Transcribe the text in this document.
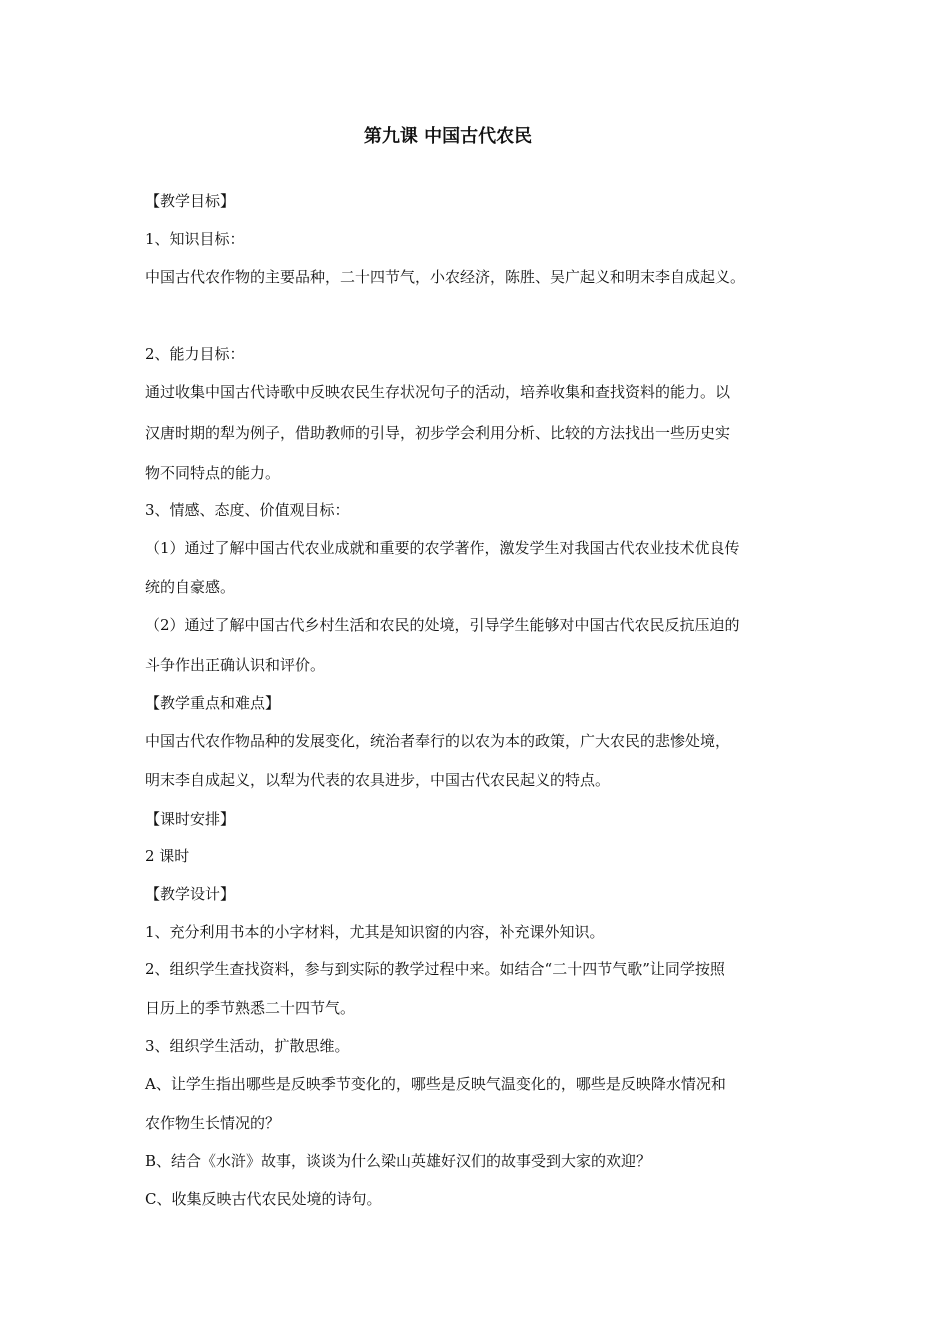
第九课 中国古代农民
【教学目标】
1、知识目标：
中国古代农作物的主要品种，二十四节气，小农经济，陈胜、吴广起义和明末李自成起义。
2、能力目标：
通过收集中国古代诗歌中反映农民生存状况句子的活动，培养收集和查找资料的能力。以
汉唐时期的犁为例子，借助教师的引导，初步学会利用分析、比较的方法找出一些历史实
物不同特点的能力。
3、情感、态度、价值观目标：
（1）通过了解中国古代农业成就和重要的农学著作，激发学生对我国古代农业技术优良传
统的自豪感。
（2）通过了解中国古代乡村生活和农民的处境，引导学生能够对中国古代农民反抗压迫的
斗争作出正确认识和评价。
【教学重点和难点】
中国古代农作物品种的发展变化，统治者奉行的以农为本的政策，广大农民的悲惨处境，
明末李自成起义，以犁为代表的农具进步，中国古代农民起义的特点。
【课时安排】
2 课时
【教学设计】
1、充分利用书本的小字材料，尤其是知识窗的内容，补充课外知识。
2、组织学生查找资料，参与到实际的教学过程中来。如结合“二十四节气歌”让同学按照
日历上的季节熟悉二十四节气。
3、组织学生活动，扩散思维。
A、让学生指出哪些是反映季节变化的，哪些是反映气温变化的，哪些是反映降水情况和
农作物生长情况的？
B、结合《水浒》故事，谈谈为什么梁山英雄好汉们的故事受到大家的欢迎？
C、收集反映古代农民处境的诗句。
